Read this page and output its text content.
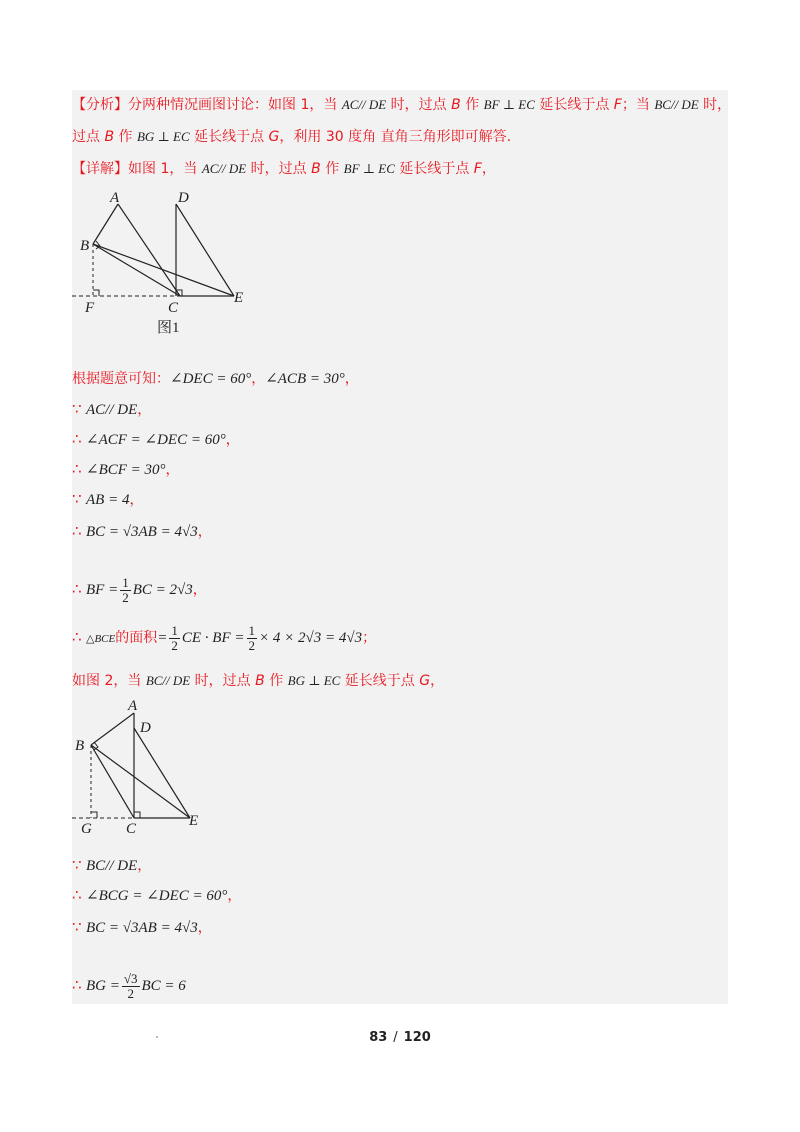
【分析】分两种情况画图讨论：如图 1，当 AC// DE 时，过点 B 作 BF ⊥ EC 延长线于点 F；当 BC// DE 时，
过点 B 作 BG ⊥ EC 延长线于点 G，利用 30 度角 直角三角形即可解答.
【详解】如图 1，当 AC// DE 时，过点 B 作 BF ⊥ EC 延长线于点 F，
A	D
B
C
E
F
图1
根据题意可知：∠DEC = 60°，∠ACB = 30°，
∵ AC// DE，
∴ ∠ACF = ∠DEC = 60°，
∴ ∠BCF = 30°，
∵ AB = 4，
∴ BC = √3AB = 4√3，
∴ BF = $\frac{1}{2}$ BC = 2√3，
∴ △BCE的面积= $\frac{1}{2}$ CE · BF = $\frac{1}{2} \times 4 \times 2√3 = 4√3$；
如图 2，当 BC// DE 时，过点 B 作 BG ⊥ EC 延长线于点 G，
A
D
B
C	E
G
∵ BC// DE，
∴ ∠BCG = ∠DEC = 60°，
∵ BC = √3AB = 4√3，
∴ BG = $\frac{√3}{2}$ BC = 6
83 / 120
